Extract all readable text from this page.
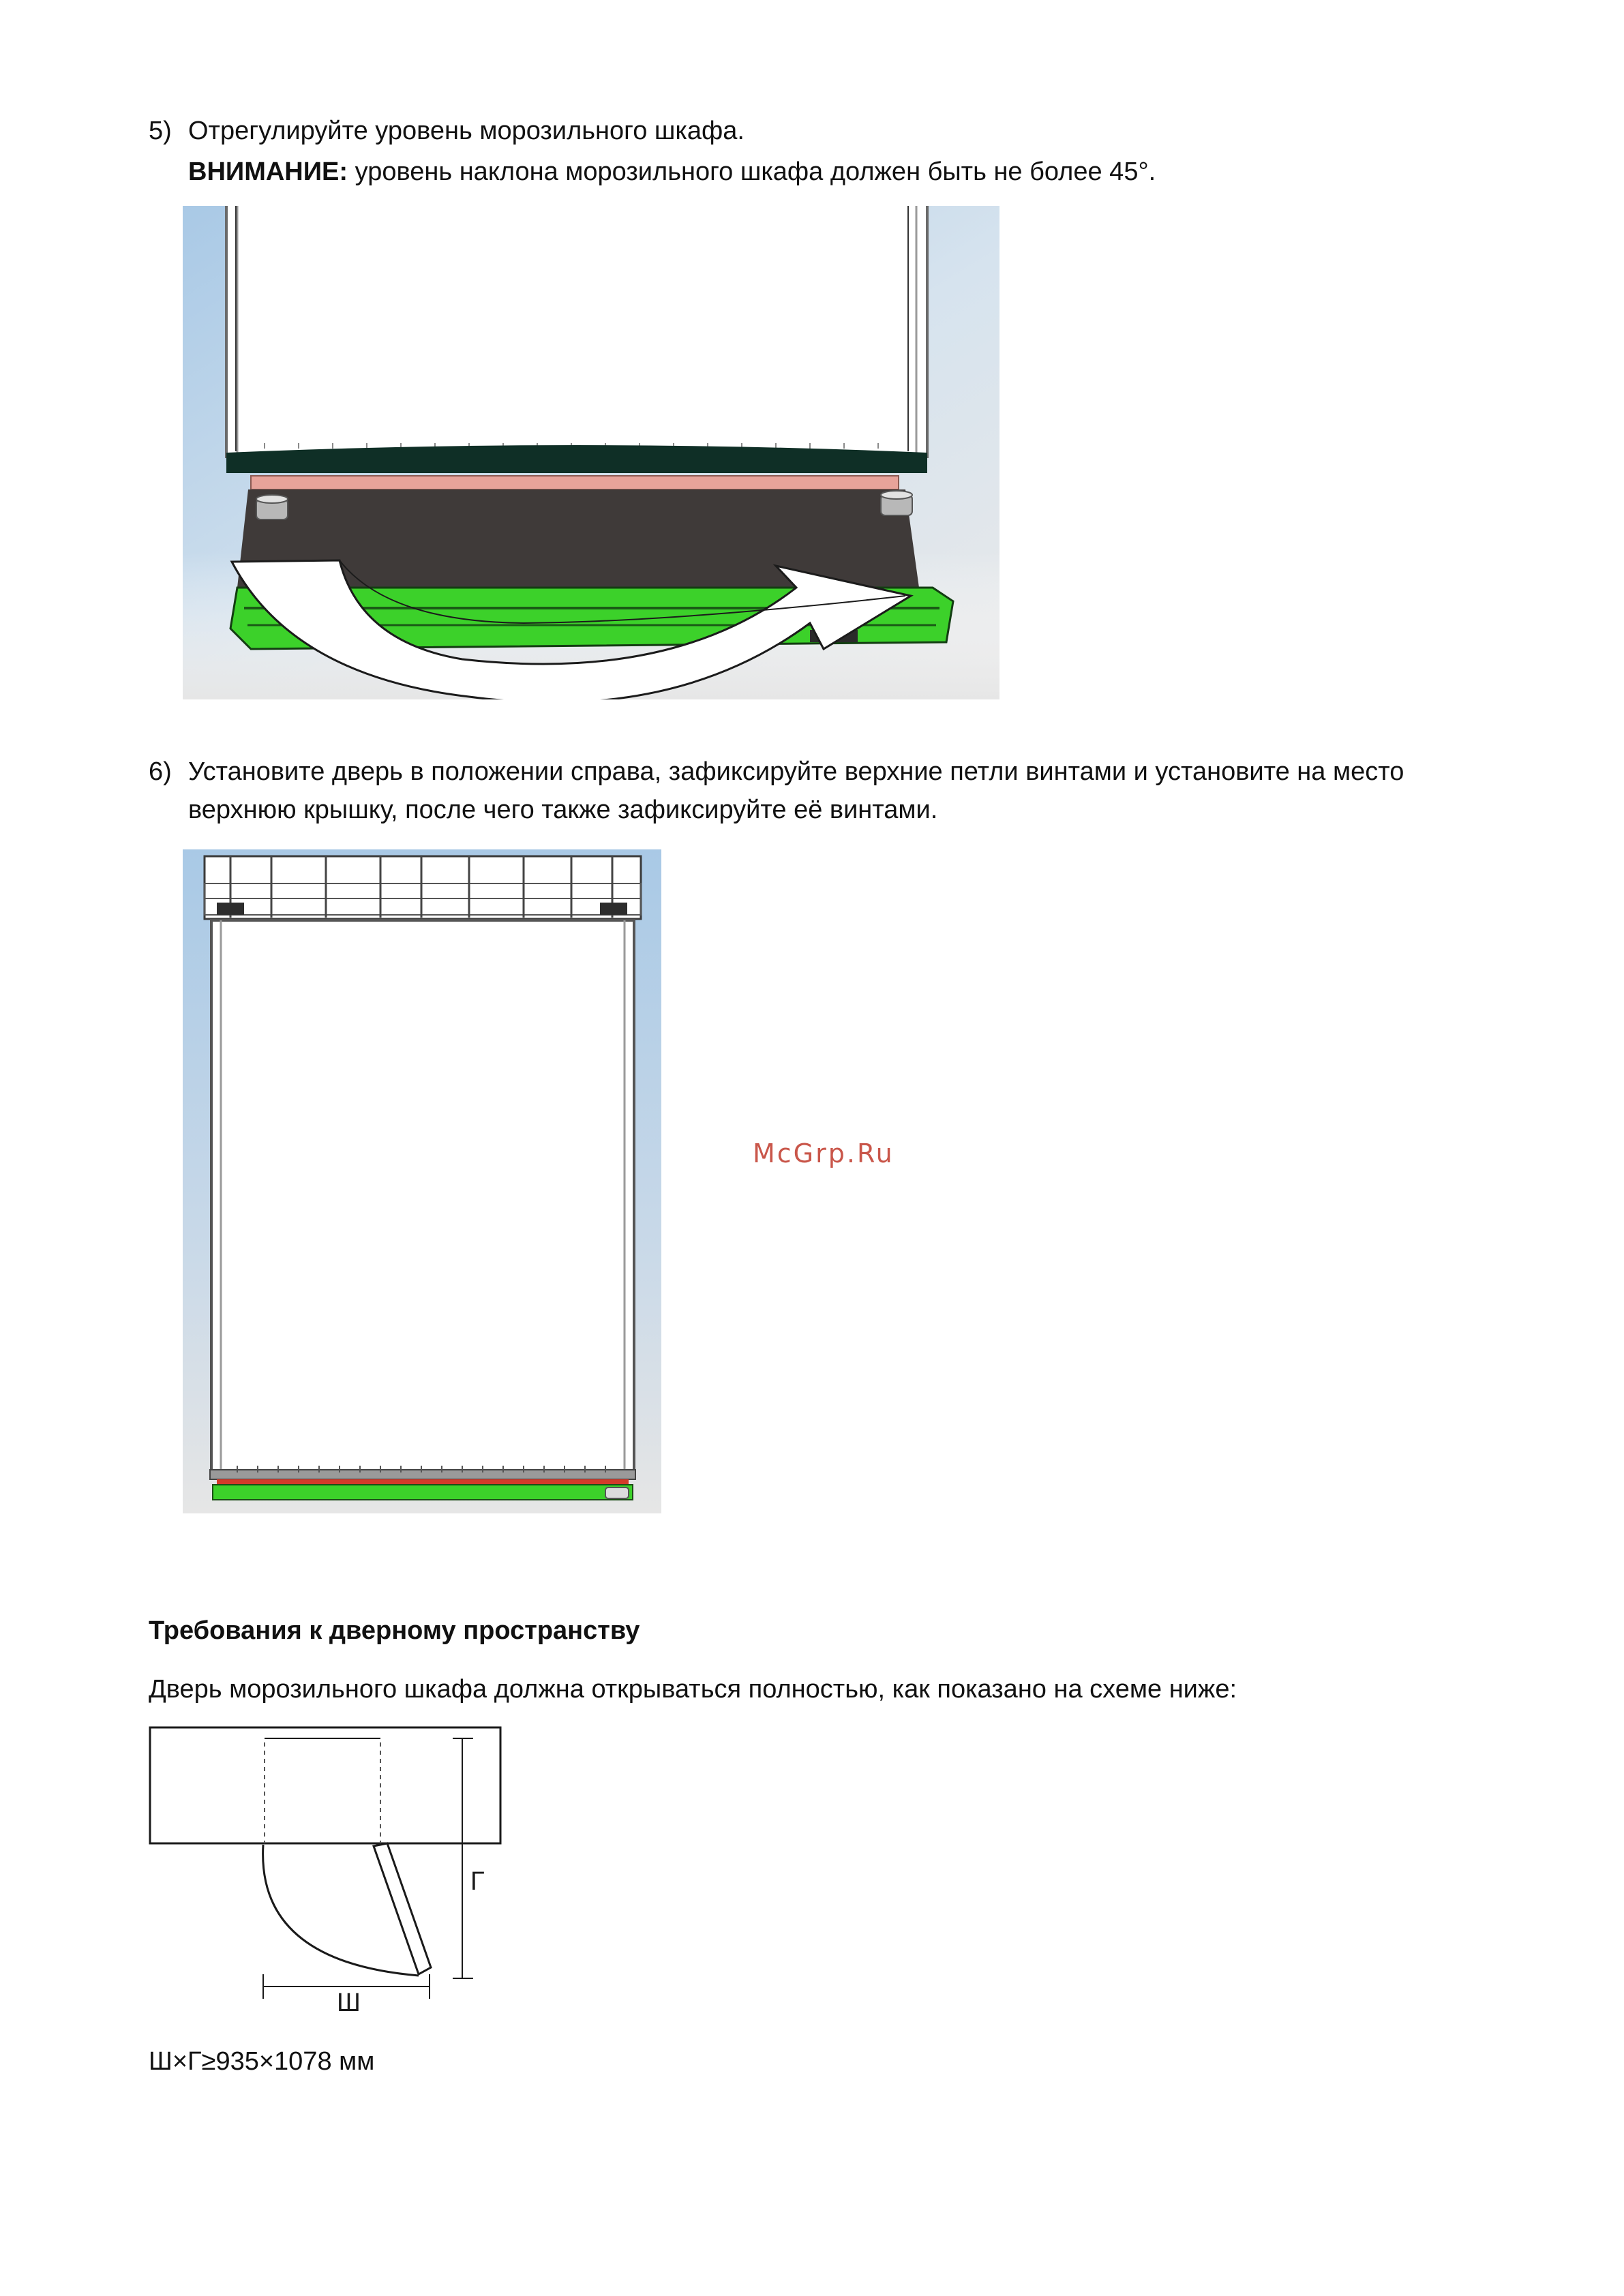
5) Отрегулируйте уровень морозильного шкафа.
ВНИМАНИЕ: уровень наклона морозильного шкафа должен быть не более 45°.
6) Установите дверь в положении справа, зафиксируйте верхние петли винтами и установите на место
верхнюю крышку, после чего также зафиксируйте её винтами.
McGrp.Ru
Требования к дверному пространству
Дверь морозильного шкафа должна открываться полностью, как показано на схеме ниже:
Г
Ш
Ш×Г≥935×1078 мм
